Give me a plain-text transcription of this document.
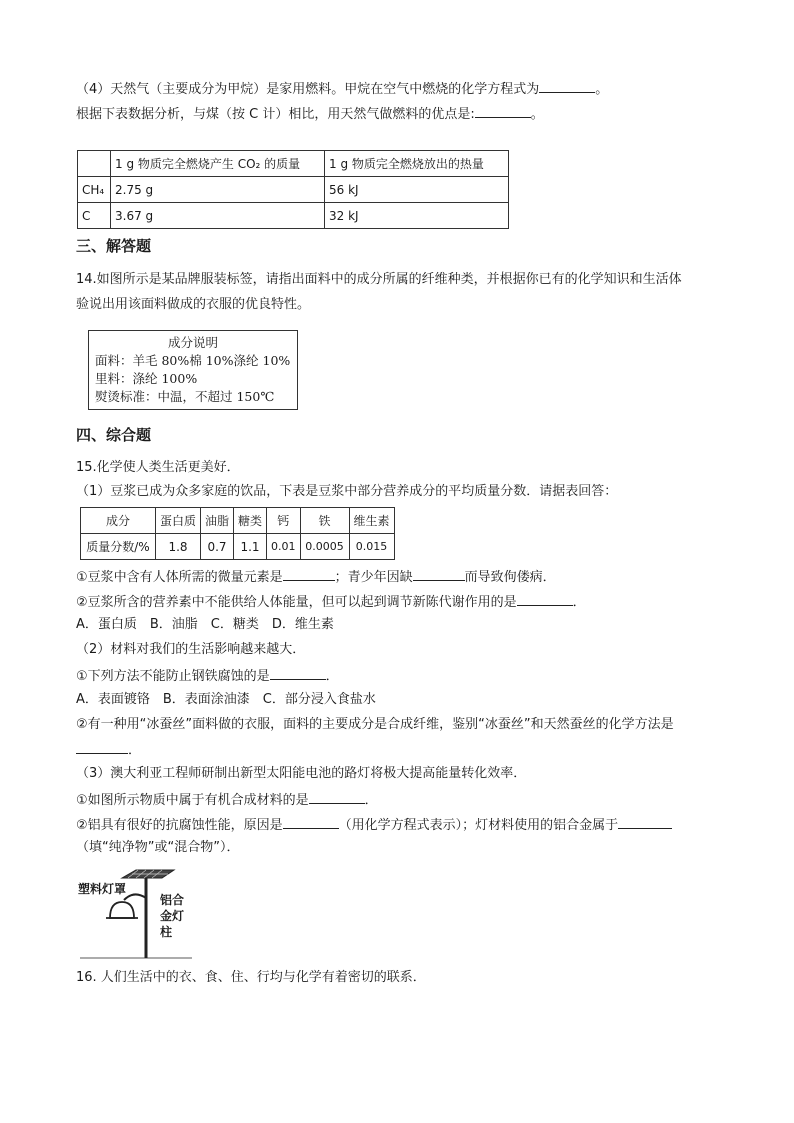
（4）天然气（主要成分为甲烷）是家用燃料。甲烷在空气中燃烧的化学方程式为	。
根据下表数据分析，与煤（按 C 计）相比，用天然气做燃料的优点是:	。
	1 g 物质完全燃烧产生 CO₂ 的质量	1 g 物质完全燃烧放出的热量
CH₄	2.75 g	56 kJ
C	3.67 g	32 kJ
三、解答题
14.如图所示是某品牌服装标签，请指出面料中的成分所属的纤维种类，并根据你已有的化学知识和生活体
验说出用该面料做成的衣服的优良特性。
成分说明
面料：羊毛 80%棉 10%涤纶 10%
里料：涤纶 100%
熨烫标准：中温，不超过 150℃
四、综合题
15.化学使人类生活更美好．
（1）豆浆已成为众多家庭的饮品，下表是豆浆中部分营养成分的平均质量分数．请据表回答：
成分	蛋白质	油脂	糖类	钙	铁	维生素
质量分数/%	1.8	0.7	1.1	0.01	0.0005	0.015
①豆浆中含有人体所需的微量元素是	；青少年因缺	而导致佝偻病．
②豆浆所含的营养素中不能供给人体能量，但可以起到调节新陈代谢作用的是	．
A．蛋白质　B．油脂　C．糖类　D．维生素
（2）材料对我们的生活影响越来越大．
①下列方法不能防止钢铁腐蚀的是	．
A．表面镀铬　B．表面涂油漆　C．部分浸入食盐水
②有一种用“冰蚕丝”面料做的衣服，面料的主要成分是合成纤维，鉴别“冰蚕丝”和天然蚕丝的化学方法是
．
（3）澳大利亚工程师研制出新型太阳能电池的路灯将极大提高能量转化效率．
①如图所示物质中属于有机合成材料的是	．
②铝具有很好的抗腐蚀性能，原因是	（用化学方程式表示）；灯材料使用的铝合金属于
（填“纯净物”或“混合物”）．
塑料灯罩
铝合
金灯
柱
16. 人们生活中的衣、食、住、行均与化学有着密切的联系．
